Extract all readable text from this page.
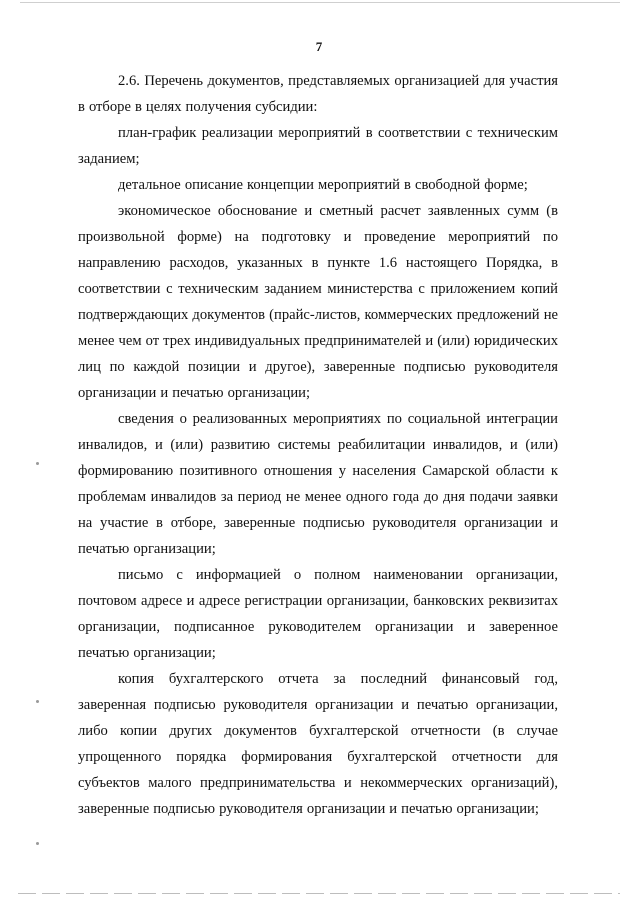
7

2.6. Перечень документов, представляемых организацией для участия в отборе в целях получения субсидии:

план-график реализации мероприятий в соответствии с техническим заданием;

детальное описание концепции мероприятий в свободной форме;

экономическое обоснование и сметный расчет заявленных сумм (в произвольной форме) на подготовку и проведение мероприятий по направлению расходов, указанных в пункте 1.6 настоящего Порядка, в соответствии с техническим заданием министерства с приложением копий подтверждающих документов (прайс-листов, коммерческих предложений не менее чем от трех индивидуальных предпринимателей и (или) юридических лиц по каждой позиции и другое), заверенные подписью руководителя организации и печатью организации;

сведения о реализованных мероприятиях по социальной интеграции инвалидов, и (или) развитию системы реабилитации инвалидов, и (или) формированию позитивного отношения у населения Самарской области к проблемам инвалидов за период не менее одного года до дня подачи заявки на участие в отборе, заверенные подписью руководителя организации и печатью организации;

письмо с информацией о полном наименовании организации, почтовом адресе и адресе регистрации организации, банковских реквизитах организации, подписанное руководителем организации и заверенное печатью организации;

копия бухгалтерского отчета за последний финансовый год, заверенная подписью руководителя организации и печатью организации, либо копии других документов бухгалтерской отчетности (в случае упрощенного порядка формирования бухгалтерской отчетности для субъектов малого предпринимательства и некоммерческих организаций), заверенные подписью руководителя организации и печатью организации;
